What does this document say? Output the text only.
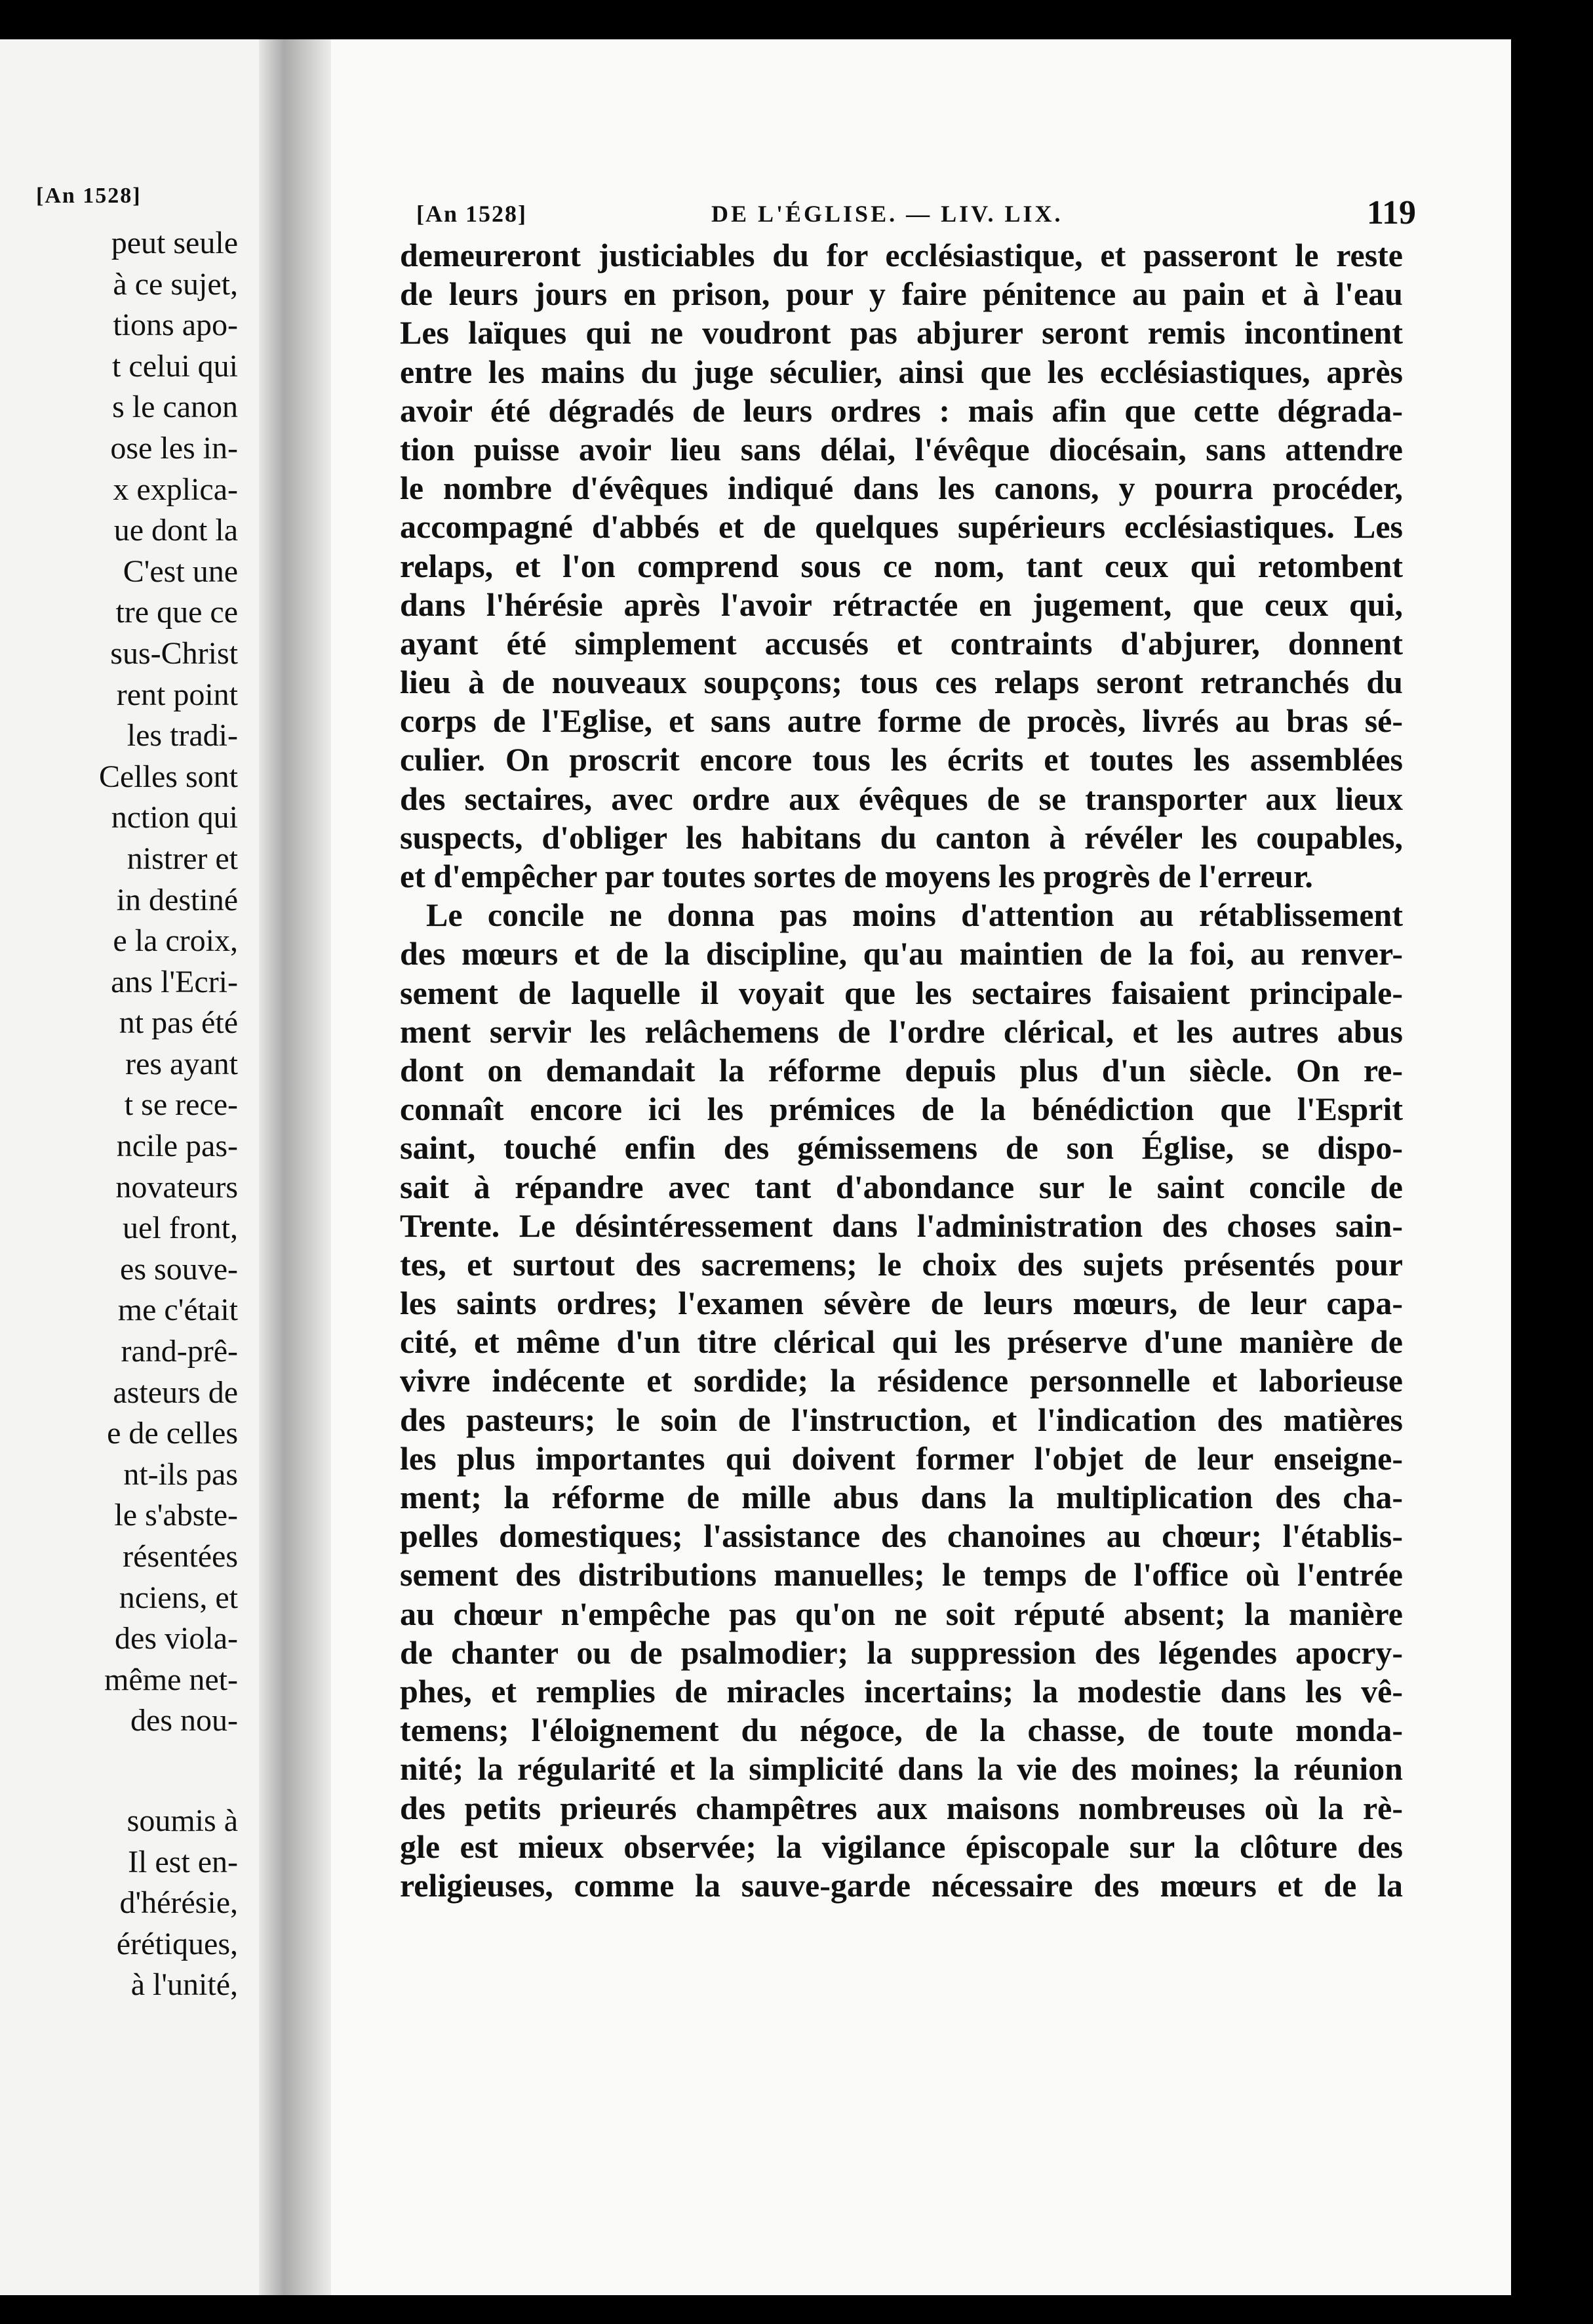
[An 1528]
peut seule
à ce sujet,
tions apo-
t celui qui
s le canon
ose les in-
x explica-
ue dont la
C'est une
tre que ce
sus-Christ
rent point
les tradi-
Celles sont
nction qui
nistrer et
in destiné
e la croix,
ans l'Ecri-
nt pas été
res ayant
t se rece-
ncile pas-
novateurs
uel front,
es souve-
me c'était
rand-prê-
asteurs de
e de celles
nt-ils pas
le s'abste-
résentées
nciens, et
des viola-
même net-
des nou-
soumis à
Il est en-
d'hérésie,
érétiques,
à l'unité,
[An 1528]	DE L'ÉGLISE. — LIV. LIX.	119
demeureront justiciables du for ecclésiastique, et passeront le reste
de leurs jours en prison, pour y faire pénitence au pain et à l'eau
Les laïques qui ne voudront pas abjurer seront remis incontinent
entre les mains du juge séculier, ainsi que les ecclésiastiques, après
avoir été dégradés de leurs ordres : mais afin que cette dégrada-
tion puisse avoir lieu sans délai, l'évêque diocésain, sans attendre
le nombre d'évêques indiqué dans les canons, y pourra procéder,
accompagné d'abbés et de quelques supérieurs ecclésiastiques. Les
relaps, et l'on comprend sous ce nom, tant ceux qui retombent
dans l'hérésie après l'avoir rétractée en jugement, que ceux qui,
ayant été simplement accusés et contraints d'abjurer, donnent
lieu à de nouveaux soupçons; tous ces relaps seront retranchés du
corps de l'Eglise, et sans autre forme de procès, livrés au bras sé-
culier. On proscrit encore tous les écrits et toutes les assemblées
des sectaires, avec ordre aux évêques de se transporter aux lieux
suspects, d'obliger les habitans du canton à révéler les coupables,
et d'empêcher par toutes sortes de moyens les progrès de l'erreur.
Le concile ne donna pas moins d'attention au rétablissement
des mœurs et de la discipline, qu'au maintien de la foi, au renver-
sement de laquelle il voyait que les sectaires faisaient principale-
ment servir les relâchemens de l'ordre clérical, et les autres abus
dont on demandait la réforme depuis plus d'un siècle. On re-
connaît encore ici les prémices de la bénédiction que l'Esprit
saint, touché enfin des gémissemens de son Église, se dispo-
sait à répandre avec tant d'abondance sur le saint concile de
Trente. Le désintéressement dans l'administration des choses sain-
tes, et surtout des sacremens; le choix des sujets présentés pour
les saints ordres; l'examen sévère de leurs mœurs, de leur capa-
cité, et même d'un titre clérical qui les préserve d'une manière de
vivre indécente et sordide; la résidence personnelle et laborieuse
des pasteurs; le soin de l'instruction, et l'indication des matières
les plus importantes qui doivent former l'objet de leur enseigne-
ment; la réforme de mille abus dans la multiplication des cha-
pelles domestiques; l'assistance des chanoines au chœur; l'établis-
sement des distributions manuelles; le temps de l'office où l'entrée
au chœur n'empêche pas qu'on ne soit réputé absent; la manière
de chanter ou de psalmodier; la suppression des légendes apocry-
phes, et remplies de miracles incertains; la modestie dans les vê-
temens; l'éloignement du négoce, de la chasse, de toute monda-
nité; la régularité et la simplicité dans la vie des moines; la réunion
des petits prieurés champêtres aux maisons nombreuses où la rè-
gle est mieux observée; la vigilance épiscopale sur la clôture des
religieuses, comme la sauve-garde nécessaire des mœurs et de la
